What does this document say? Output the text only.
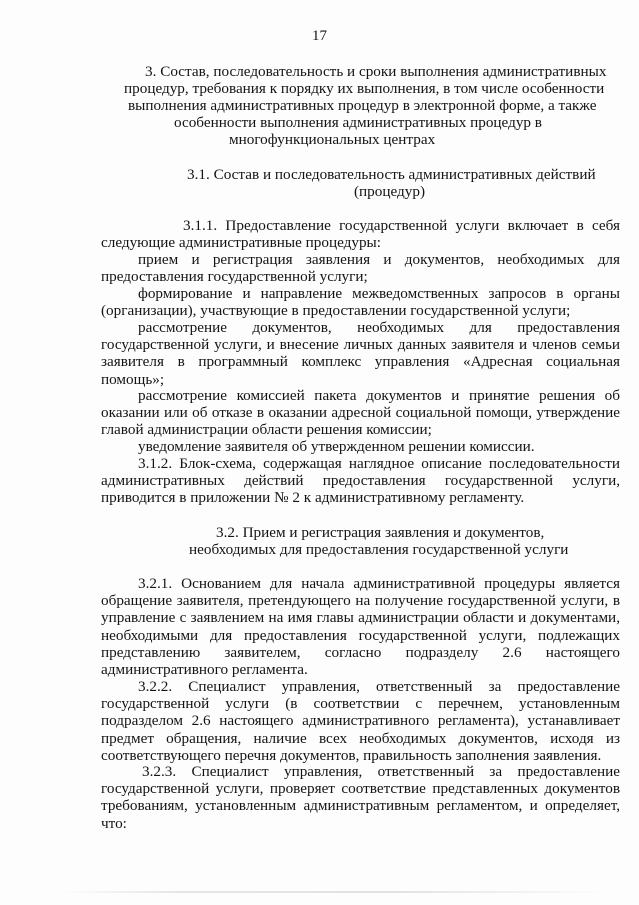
17
3. Состав, последовательность и сроки выполнения административных
процедур, требования к порядку их выполнения, в том числе особенности
выполнения административных процедур в электронной форме, а также
особенности выполнения административных процедур в
многофункциональных центрах
3.1. Состав и последовательность административных действий
(процедур)
3.1.1. Предоставление государственной услуги включает в себя
следующие административные процедуры:
прием и регистрация заявления и документов, необходимых для
предоставления государственной услуги;
формирование и направление межведомственных запросов в органы
(организации), участвующие в предоставлении государственной услуги;
рассмотрение документов, необходимых для предоставления
государственной услуги, и внесение личных данных заявителя и членов семьи заявителя в программный комплекс управления «Адресная социальная помощь»;
рассмотрение комиссией пакета документов и принятие решения об
оказании или об отказе в оказании адресной социальной помощи, утверждение главой администрации области решения комиссии;
уведомление заявителя об утвержденном решении комиссии.
3.1.2. Блок-схема, содержащая наглядное описание последовательности
административных действий предоставления государственной услуги, приводится в приложении № 2 к административному регламенту.
3.2. Прием и регистрация заявления и документов,
необходимых для предоставления государственной услуги
3.2.1. Основанием для начала административной процедуры является
обращение заявителя, претендующего на получение государственной услуги, в управление с заявлением на имя главы администрации области и документами, необходимыми для предоставления государственной услуги, подлежащих представлению заявителем, согласно подразделу 2.6 настоящего административного регламента.
3.2.2. Специалист управления, ответственный за предоставление
государственной услуги (в соответствии с перечнем, установленным подразделом 2.6 настоящего административного регламента), устанавливает предмет обращения, наличие всех необходимых документов, исходя из соответствующего перечня документов, правильность заполнения заявления.
3.2.3. Специалист управления, ответственный за предоставление
государственной услуги, проверяет соответствие представленных документов требованиям, установленным административным регламентом, и определяет, что:
